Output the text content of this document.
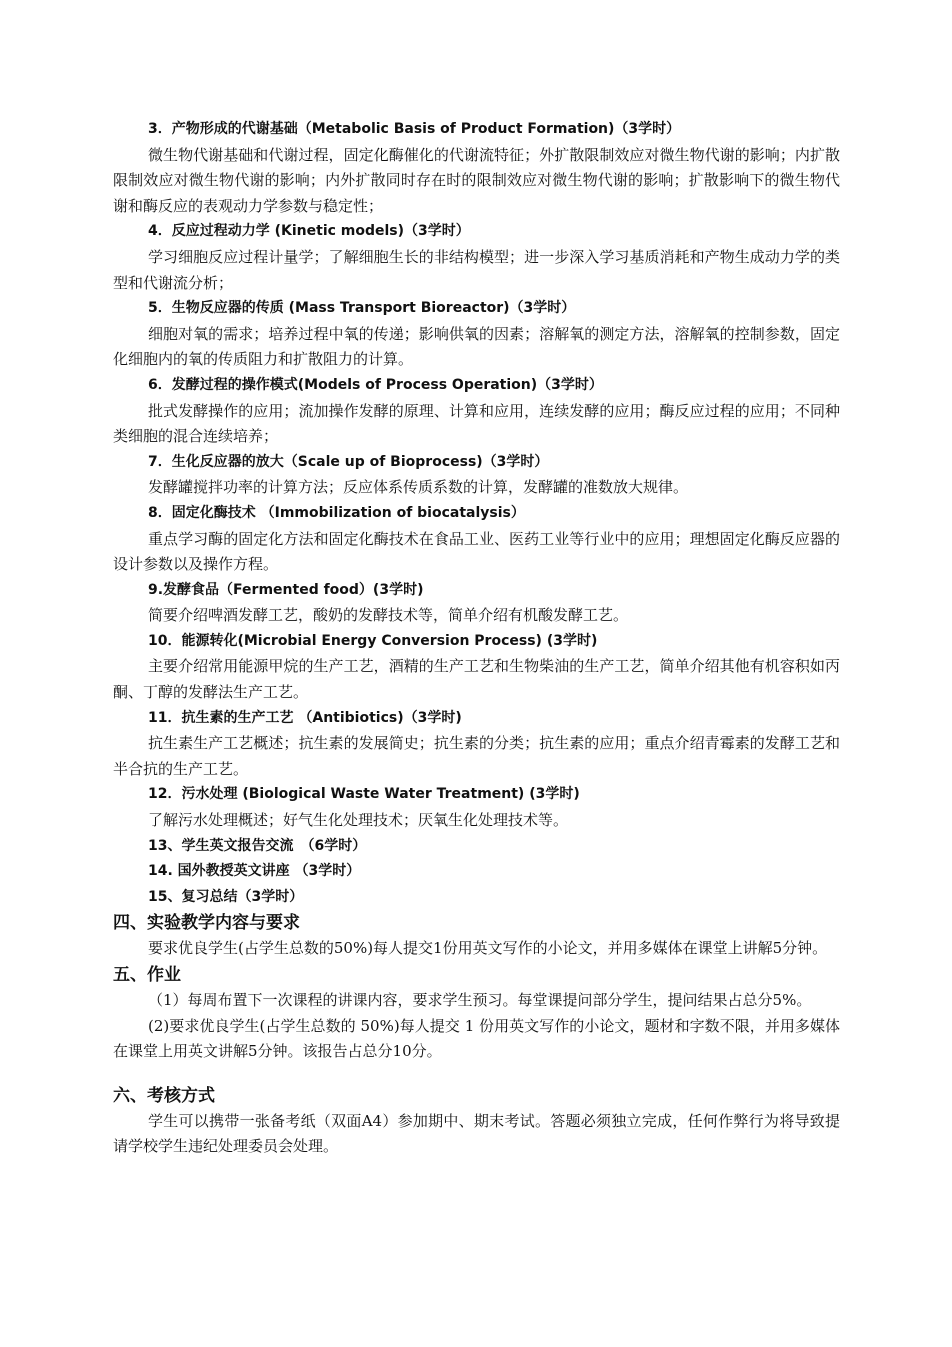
3．产物形成的代谢基础（Metabolic Basis of Product Formation)（3学时）
微生物代谢基础和代谢过程，固定化酶催化的代谢流特征；外扩散限制效应对微生物代谢的影响；内扩散限制效应对微生物代谢的影响；内外扩散同时存在时的限制效应对微生物代谢的影响；扩散影响下的微生物代谢和酶反应的表观动力学参数与稳定性；
4．反应过程动力学 (Kinetic models)（3学时）
学习细胞反应过程计量学；了解细胞生长的非结构模型；进一步深入学习基质消耗和产物生成动力学的类型和代谢流分析；
5．生物反应器的传质 (Mass Transport Bioreactor)（3学时）
细胞对氧的需求；培养过程中氧的传递；影响供氧的因素；溶解氧的测定方法，溶解氧的控制参数，固定化细胞内的氧的传质阻力和扩散阻力的计算。
6．发酵过程的操作模式(Models of Process Operation)（3学时）
批式发酵操作的应用；流加操作发酵的原理、计算和应用，连续发酵的应用；酶反应过程的应用；不同种类细胞的混合连续培养；
7．生化反应器的放大（Scale up of Bioprocess)（3学时）
发酵罐搅拌功率的计算方法；反应体系传质系数的计算，发酵罐的准数放大规律。
8．固定化酶技术 （Immobilization of biocatalysis）
重点学习酶的固定化方法和固定化酶技术在食品工业、医药工业等行业中的应用；理想固定化酶反应器的设计参数以及操作方程。
9.发酵食品（Fermented food）(3学时)
简要介绍啤酒发酵工艺，酸奶的发酵技术等，简单介绍有机酸发酵工艺。
10．能源转化(Microbial Energy Conversion Process) (3学时)
主要介绍常用能源甲烷的生产工艺，酒精的生产工艺和生物柴油的生产工艺，简单介绍其他有机容积如丙酮、丁醇的发酵法生产工艺。
11．抗生素的生产工艺 （Antibiotics)（3学时)
抗生素生产工艺概述；抗生素的发展简史；抗生素的分类；抗生素的应用；重点介绍青霉素的发酵工艺和半合抗的生产工艺。
12．污水处理 (Biological Waste Water Treatment) (3学时)
了解污水处理概述；好气生化处理技术；厌氧生化处理技术等。
13、学生英文报告交流　（6学时）
14. 国外教授英文讲座 （3学时）
15、复习总结（3学时）
四、实验教学内容与要求
要求优良学生(占学生总数的50%)每人提交1份用英文写作的小论文，并用多媒体在课堂上讲解5分钟。
五、作业
（1）每周布置下一次课程的讲课内容，要求学生预习。每堂课提问部分学生，提问结果占总分5%。
(2)要求优良学生(占学生总数的 50%)每人提交 1 份用英文写作的小论文，题材和字数不限，并用多媒体在课堂上用英文讲解5分钟。该报告占总分10分。
六、考核方式
学生可以携带一张备考纸（双面A4）参加期中、期末考试。答题必须独立完成，任何作弊行为将导致提请学校学生违纪处理委员会处理。
